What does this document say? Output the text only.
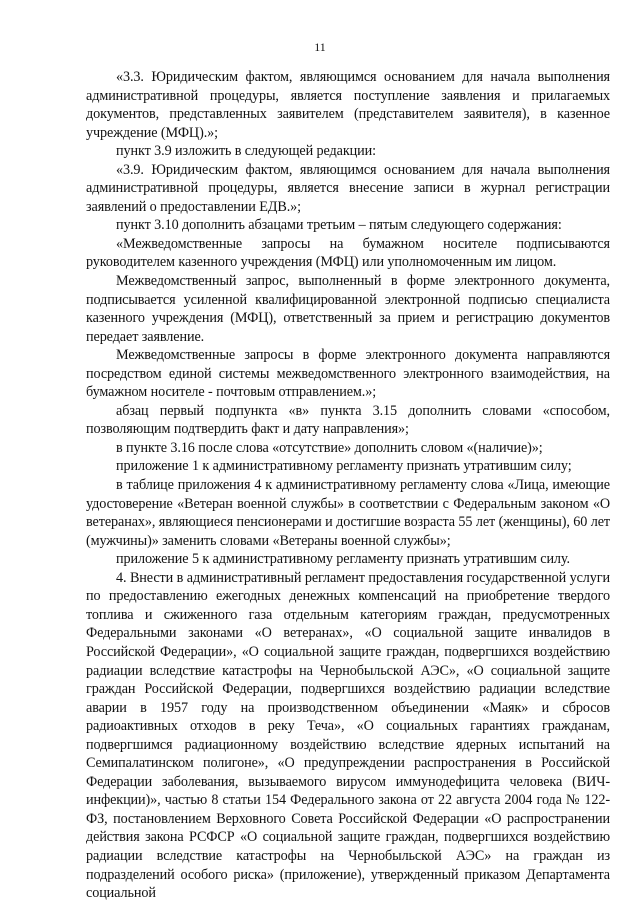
11

«3.3. Юридическим фактом, являющимся основанием для начала выполнения административной процедуры, является поступление заявления и прилагаемых документов, представленных заявителем (представителем заявителя), в казенное учреждение (МФЦ).»;

пункт 3.9 изложить в следующей редакции:

«3.9. Юридическим фактом, являющимся основанием для начала выполнения административной процедуры, является внесение записи в журнал регистрации заявлений о предоставлении ЕДВ.»;

пункт 3.10 дополнить абзацами третьим – пятым следующего содержания:

«Межведомственные запросы на бумажном носителе подписываются руководителем казенного учреждения (МФЦ) или уполномоченным им лицом.

Межведомственный запрос, выполненный в форме электронного документа, подписывается усиленной квалифицированной электронной подписью специалиста казенного учреждения (МФЦ), ответственный за прием и регистрацию документов передает заявление.

Межведомственные запросы в форме электронного документа направляются посредством единой системы межведомственного электронного взаимодействия, на бумажном носителе - почтовым отправлением.»;

абзац первый подпункта «в» пункта 3.15 дополнить словами «способом, позволяющим подтвердить факт и дату направления»;

в пункте 3.16 после слова «отсутствие» дополнить словом «(наличие)»;

приложение 1 к административному регламенту признать утратившим силу;

в таблице приложения 4 к административному регламенту слова «Лица, имеющие удостоверение «Ветеран военной службы» в соответствии с Федеральным законом «О ветеранах», являющиеся пенсионерами и достигшие возраста 55 лет (женщины), 60 лет (мужчины)» заменить словами «Ветераны военной службы»;

приложение 5 к административному регламенту признать утратившим силу.

4. Внести в административный регламент предоставления государственной услуги по предоставлению ежегодных денежных компенсаций на приобретение твердого топлива и сжиженного газа отдельным категориям граждан, предусмотренных Федеральными законами «О ветеранах», «О социальной защите инвалидов в Российской Федерации», «О социальной защите граждан, подвергшихся воздействию радиации вследствие катастрофы на Чернобыльской АЭС», «О социальной защите граждан Российской Федерации, подвергшихся воздействию радиации вследствие аварии в 1957 году на производственном объединении «Маяк» и сбросов радиоактивных отходов в реку Теча», «О социальных гарантиях гражданам, подвергшимся радиационному воздействию вследствие ядерных испытаний на Семипалатинском полигоне», «О предупреждении распространения в Российской Федерации заболевания, вызываемого вирусом иммунодефицита человека (ВИЧ-инфекции)», частью 8 статьи 154 Федерального закона от 22 августа 2004 года № 122-ФЗ, постановлением Верховного Совета Российской Федерации «О распространении действия закона РСФСР «О социальной защите граждан, подвергшихся воздействию радиации вследствие катастрофы на Чернобыльской АЭС» на граждан из подразделений особого риска» (приложение), утвержденный приказом Департамента социальной
